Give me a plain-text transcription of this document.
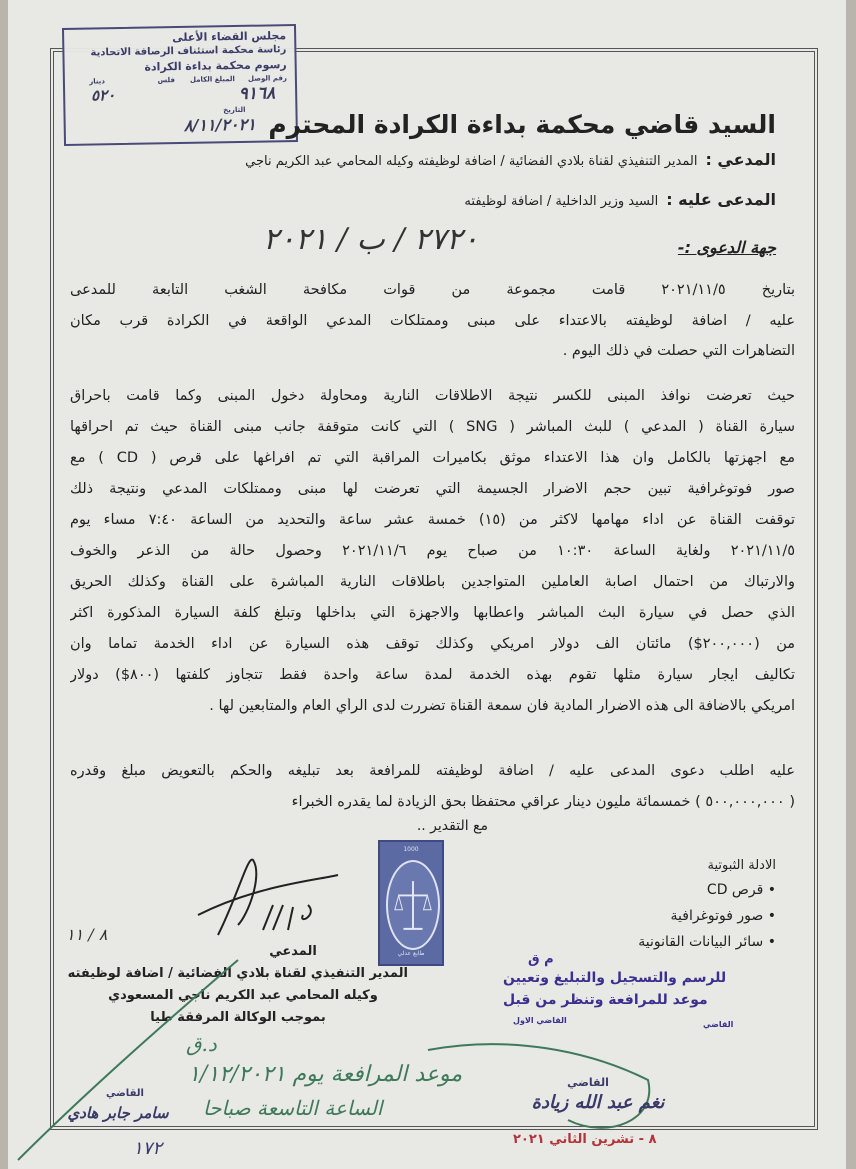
مجلس القضاء الأعلى
رئاسة محكمة استئناف الرصافة الاتحادية
رسوم محكمة بداءة الكرادة
رقم الوصل
المبلغ الكامل
فلس
دينار
٩١٦٨
٥٢٠
التاريخ
٨/١١/٢٠٢١ السيد قاضي محكمة بداءة الكرادة المحترم
المدعي :المدير التنفيذي لقناة بلادي الفضائية / اضافة لوظيفته وكيله المحامي عبد الكريم ناجي
المدعى عليه :السيد وزير الداخلية / اضافة لوظيفته
٢٧٢٠ / ب / ٢٠٢١	جهة الدعوى :-
بتاريخ ٢٠٢١/١١/٥ قامت مجموعة من قوات مكافحة الشغب التابعة للمدعى
عليه / اضافة لوظيفته بالاعتداء على مبنى وممتلكات المدعي الواقعة في الكرادة قرب مكان
التضاهرات التي حصلت في ذلك اليوم .
حيث تعرضت نوافذ المبنى للكسر نتيجة الاطلاقات النارية ومحاولة دخول المبنى وكما قامت باحراق
سيارة القناة ( المدعي ) للبث المباشر ( SNG ) التي كانت متوقفة جانب مبنى القناة حيث تم احراقها
مع اجهزتها بالكامل وان هذا الاعتداء موثق بكاميرات المراقبة التي تم افراغها على قرص ( CD ) مع
صور فوتوغرافية تبين حجم الاضرار الجسيمة التي تعرضت لها مبنى وممتلكات المدعي ونتيجة ذلك
توقفت القناة عن اداء مهامها لاكثر من (١٥) خمسة عشر ساعة والتحديد من الساعة ٧:٤٠ مساء يوم
٢٠٢١/١١/٥ ولغاية الساعة ١٠:٣٠ من صباح يوم ٢٠٢١/١١/٦ وحصول حالة من الذعر والخوف
والارتباك من احتمال اصابة العاملين المتواجدين باطلاقات النارية المباشرة على القناة وكذلك الحريق
الذي حصل في سيارة البث المباشر واعطابها والاجهزة التي بداخلها وتبلغ كلفة السيارة المذكورة اكثر
من (٢٠٠,٠٠٠$) مائتان الف دولار امريكي وكذلك توقف هذه السيارة عن اداء الخدمة تماما وان
تكاليف ايجار سيارة مثلها تقوم بهذه الخدمة لمدة ساعة واحدة فقط تتجاوز كلفتها (٨٠٠$) دولار
امريكي بالاضافة الى هذه الاضرار المادية فان سمعة القناة تضررت لدى الرأي العام والمتابعين لها .
عليه اطلب دعوى المدعى عليه / اضافة لوظيفته للمرافعة بعد تبليغه والحكم بالتعويض مبلغ وقدره
( ٥٠٠,٠٠٠,٠٠٠ ) خمسمائة مليون دينار عراقي محتفظا بحق الزيادة لما يقدره الخبراء
مع التقدير ..
1000
طابع عدلي
الادلة الثبوتية
• قرص CD
• صور فوتوغرافية
• سائر البيانات القانونية
المدعي
المدير التنفيذي لقناة بلادي الفضائية / اضافة لوظيفته
وكيله المحامي عبد الكريم ناجي المسعودي
بموجب الوكالة المرفقة طيا
م ق
للرسم والتسجيل والتبليغ وتعيين
موعد للمرافعة وتنظر من قبل
القاضي الاول	القاضي
د.ق
موعد المرافعة يوم ١/١٢/٢٠٢١
الساعة التاسعة صباحا
٨ / ١١
١٧٢
القاضي
سامر جابر هادي
القاضي
نغم عبد الله زيادة
٨ - تشرين الثاني ٢٠٢١
